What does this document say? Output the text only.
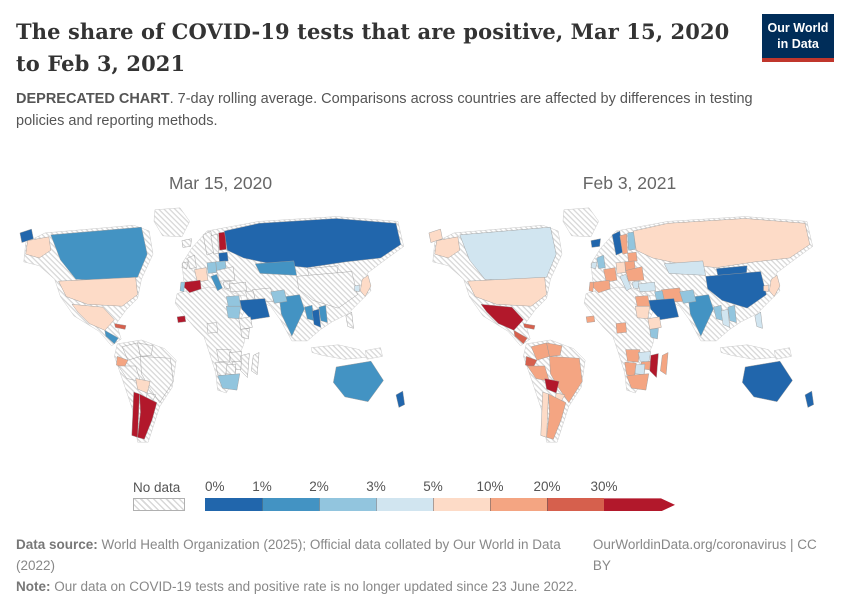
The share of COVID-19 tests that are positive, Mar 15, 2020 to Feb 3, 2021
Our World
in Data

DEPRECATED CHART. 7-day rolling average. Comparisons across countries are affected by differences in testing policies and reporting methods.

Mar 15, 2020	Feb 3, 2021
No data	0% 1%	2%	3%	5% 10% 20% 30%
Data source: World Health Organization (2025); Official data collated by Our World in Data (2022)
OurWorldinData.org/coronavirus | CC BY
Note: Our data on COVID-19 tests and positive rate is no longer updated since 23 June 2022.
